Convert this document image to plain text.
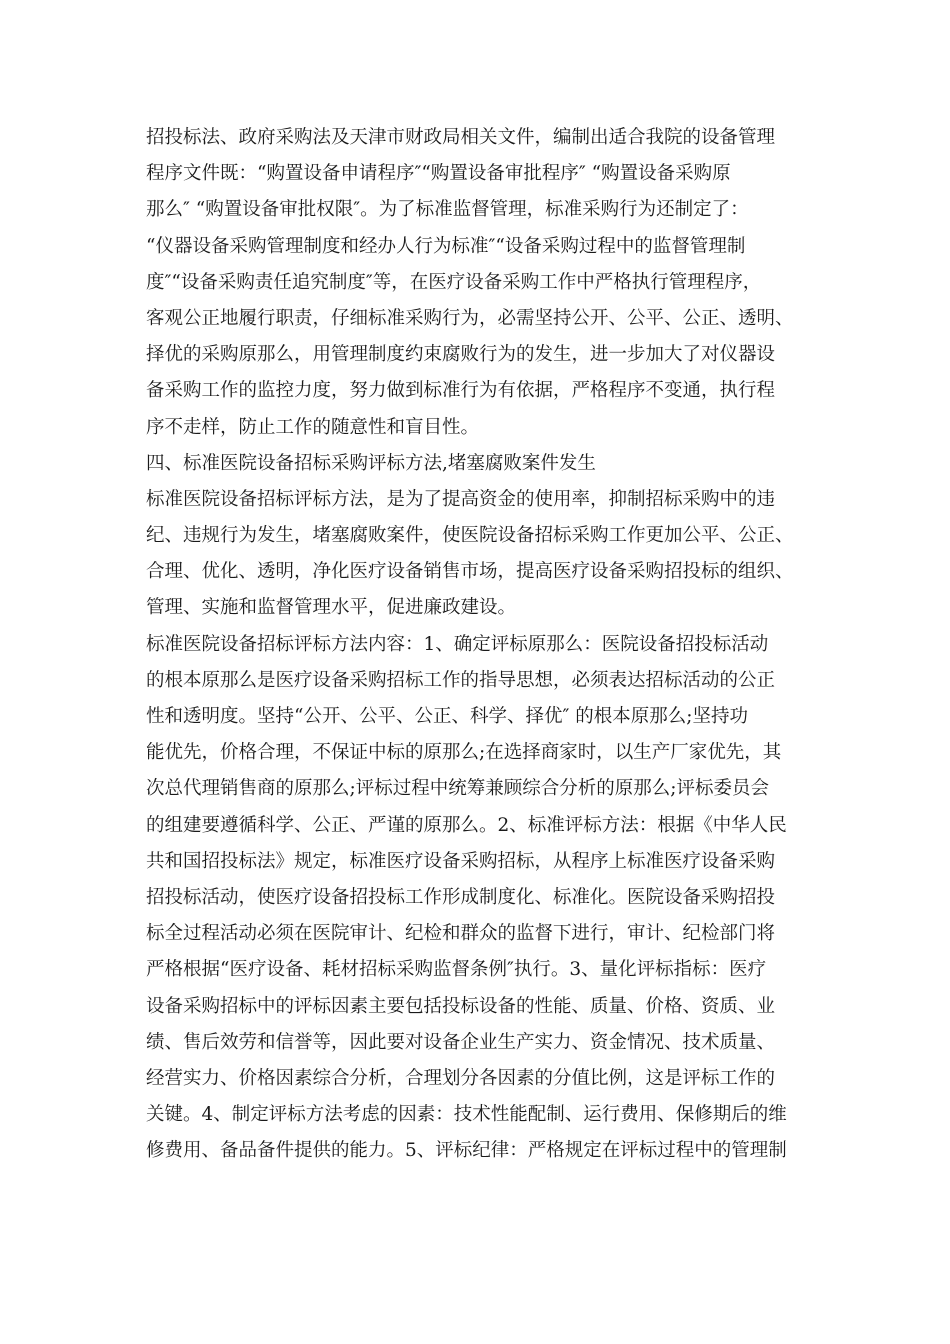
招投标法、政府采购法及天津市财政局相关文件，编制出适合我院的设备管理
程序文件既：“购置设备申请程序″“购置设备审批程序″ “购置设备采购原
那么″ “购置设备审批权限″。为了标准监督管理，标准采购行为还制定了：
“仪器设备采购管理制度和经办人行为标准″“设备采购过程中的监督管理制
度″“设备采购责任追究制度″等，在医疗设备采购工作中严格执行管理程序，
客观公正地履行职责，仔细标准采购行为，必需坚持公开、公平、公正、透明、
择优的采购原那么，用管理制度约束腐败行为的发生，进一步加大了对仪器设
备采购工作的监控力度，努力做到标准行为有依据，严格程序不变通，执行程
序不走样，防止工作的随意性和盲目性。
四、标准医院设备招标采购评标方法,堵塞腐败案件发生
标准医院设备招标评标方法，是为了提高资金的使用率，抑制招标采购中的违
纪、违规行为发生，堵塞腐败案件，使医院设备招标采购工作更加公平、公正、
合理、优化、透明，净化医疗设备销售市场，提高医疗设备采购招投标的组织、
管理、实施和监督管理水平，促进廉政建设。
标准医院设备招标评标方法内容：1、确定评标原那么：医院设备招投标活动
的根本原那么是医疗设备采购招标工作的指导思想，必须表达招标活动的公正
性和透明度。坚持“公开、公平、公正、科学、择优″ 的根本原那么;坚持功
能优先，价格合理，不保证中标的原那么;在选择商家时，以生产厂家优先，其
次总代理销售商的原那么;评标过程中统筹兼顾综合分析的原那么;评标委员会
的组建要遵循科学、公正、严谨的原那么。2、标准评标方法：根据《中华人民
共和国招投标法》规定，标准医疗设备采购招标，从程序上标准医疗设备采购
招投标活动，使医疗设备招投标工作形成制度化、标准化。医院设备采购招投
标全过程活动必须在医院审计、纪检和群众的监督下进行，审计、纪检部门将
严格根据“医疗设备、耗材招标采购监督条例″执行。3、量化评标指标：医疗
设备采购招标中的评标因素主要包括投标设备的性能、质量、价格、资质、业
绩、售后效劳和信誉等，因此要对设备企业生产实力、资金情况、技术质量、
经营实力、价格因素综合分析，合理划分各因素的分值比例，这是评标工作的
关键。4、制定评标方法考虑的因素：技术性能配制、运行费用、保修期后的维
修费用、备品备件提供的能力。5、评标纪律：严格规定在评标过程中的管理制
